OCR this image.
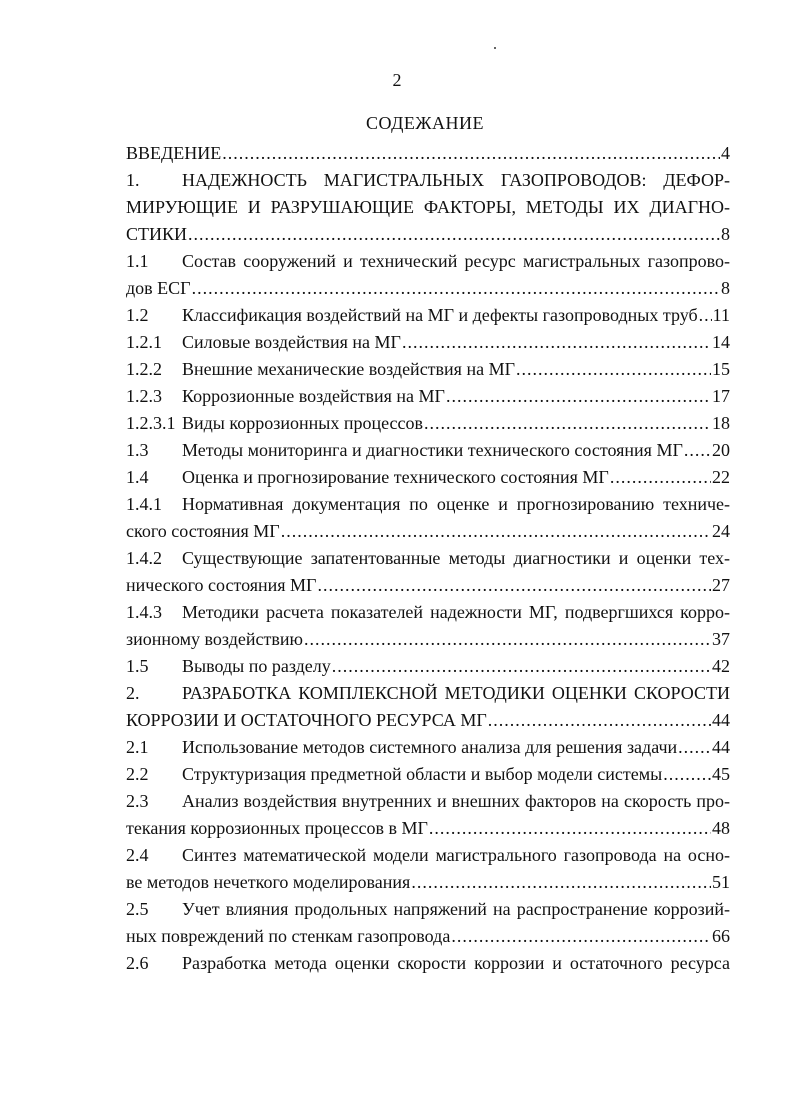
2
СОДЕЖАНИЕ
ВВЕДЕНИЕ .....	4
1. НАДЕЖНОСТЬ МАГИСТРАЛЬНЫХ ГАЗОПРОВОДОВ: ДЕФОР-
МИРУЮЩИЕ И РАЗРУШАЮЩИЕ ФАКТОРЫ, МЕТОДЫ ИХ ДИАГНО-
СТИКИ .....	8
1.1 Состав сооружений и технический ресурс магистральных газопрово-
дов ЕСГ .....	8
1.2	Классификация воздействий на МГ и дефекты газопроводных труб ..... 11
1.2.1	Силовые воздействия на МГ .....	14
1.2.2	Внешние механические воздействия на МГ .....	15
1.2.3	Коррозионные воздействия на МГ .....	17
1.2.3.1 Виды коррозионных процессов .....	18
1.3	Методы мониторинга и диагностики технического состояния МГ ..... 20
1.4	Оценка и прогнозирование технического состояния МГ .....	22
1.4.1 Нормативная документация по оценке и прогнозированию техниче-
ского состояния МГ .....	24
1.4.2 Существующие запатентованные методы диагностики и оценки тех-
нического состояния МГ .....	27
1.4.3 Методики расчета показателей надежности МГ, подвергшихся корро-
зионному воздействию .....	37
1.5	Выводы по разделу .....	42
2. РАЗРАБОТКА КОМПЛЕКСНОЙ МЕТОДИКИ ОЦЕНКИ СКОРОСТИ
КОРРОЗИИ И ОСТАТОЧНОГО РЕСУРСА МГ .....	44
2.1	Использование методов системного анализа для решения задачи ..... 44
2.2	Структуризация предметной области и выбор модели системы .....	45
2.3 Анализ воздействия внутренних и внешних факторов на скорость про-
текания коррозионных процессов в МГ .....	48
2.4 Синтез математической модели магистрального газопровода на осно-
ве методов нечеткого моделирования .....	51
2.5 Учет влияния продольных напряжений на распространение коррозий-
ных повреждений по стенкам газопровода .....	66
2.6 Разработка метода оценки скорости коррозии и остаточного ресурса
